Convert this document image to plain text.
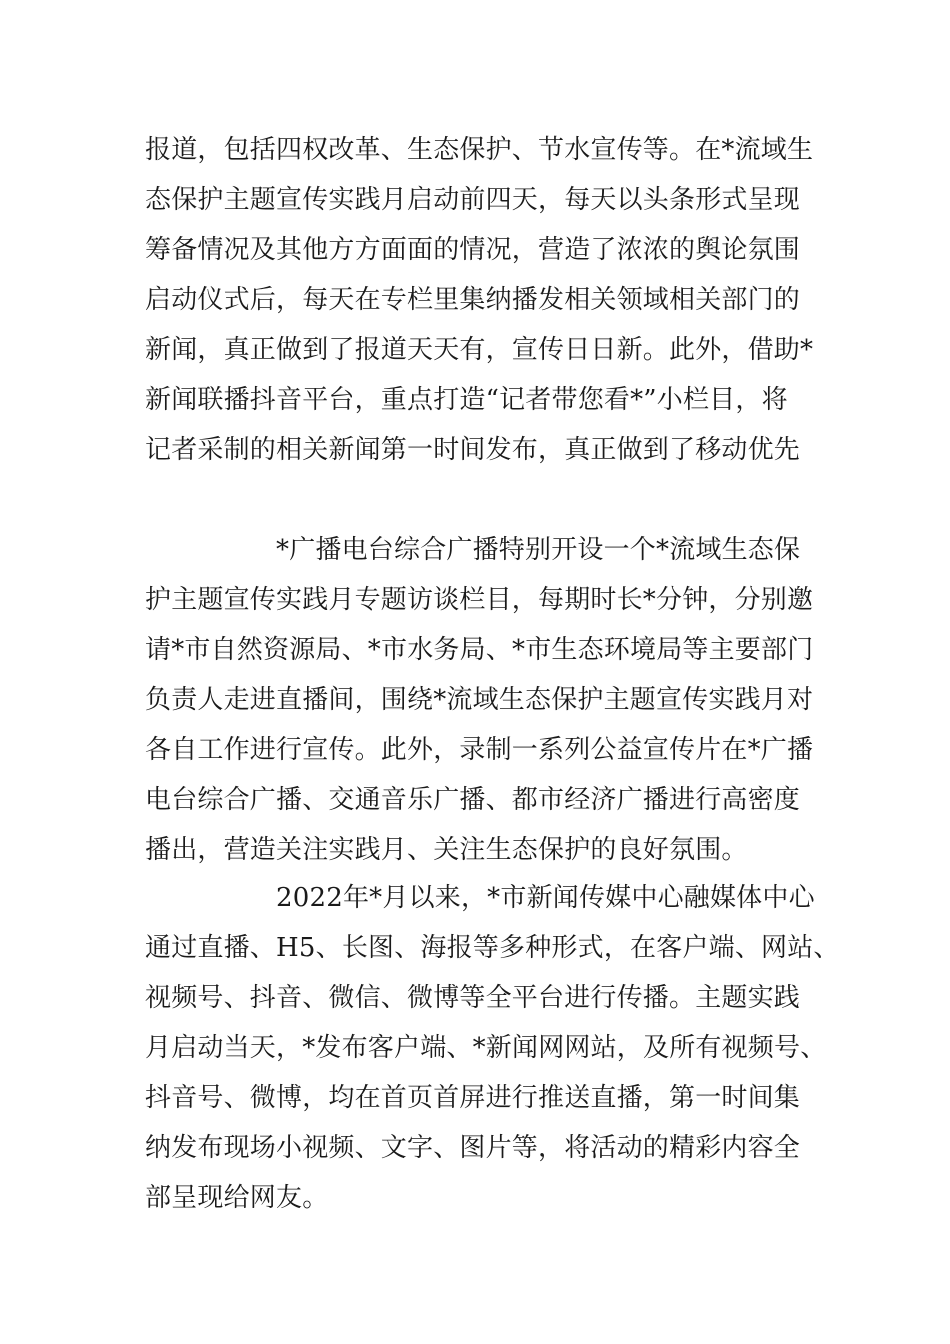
报道，包括四权改革、生态保护、节水宣传等。在*流域生
态保护主题宣传实践月启动前四天，每天以头条形式呈现
筹备情况及其他方方面面的情况，营造了浓浓的舆论氛围
启动仪式后，每天在专栏里集纳播发相关领域相关部门的
新闻，真正做到了报道天天有，宣传日日新。此外，借助*
新闻联播抖音平台，重点打造“记者带您看*”小栏目，将
记者采制的相关新闻第一时间发布，真正做到了移动优先
*广播电台综合广播特别开设一个*流域生态保
护主题宣传实践月专题访谈栏目，每期时长*分钟，分别邀
请*市自然资源局、*市水务局、*市生态环境局等主要部门
负责人走进直播间，围绕*流域生态保护主题宣传实践月对
各自工作进行宣传。此外，录制一系列公益宣传片在*广播
电台综合广播、交通音乐广播、都市经济广播进行高密度
播出，营造关注实践月、关注生态保护的良好氛围。
2022年*月以来，*市新闻传媒中心融媒体中心
通过直播、H5、长图、海报等多种形式，在客户端、网站、
视频号、抖音、微信、微博等全平台进行传播。主题实践
月启动当天，*发布客户端、*新闻网网站，及所有视频号、
抖音号、微博，均在首页首屏进行推送直播，第一时间集
纳发布现场小视频、文字、图片等，将活动的精彩内容全
部呈现给网友。
